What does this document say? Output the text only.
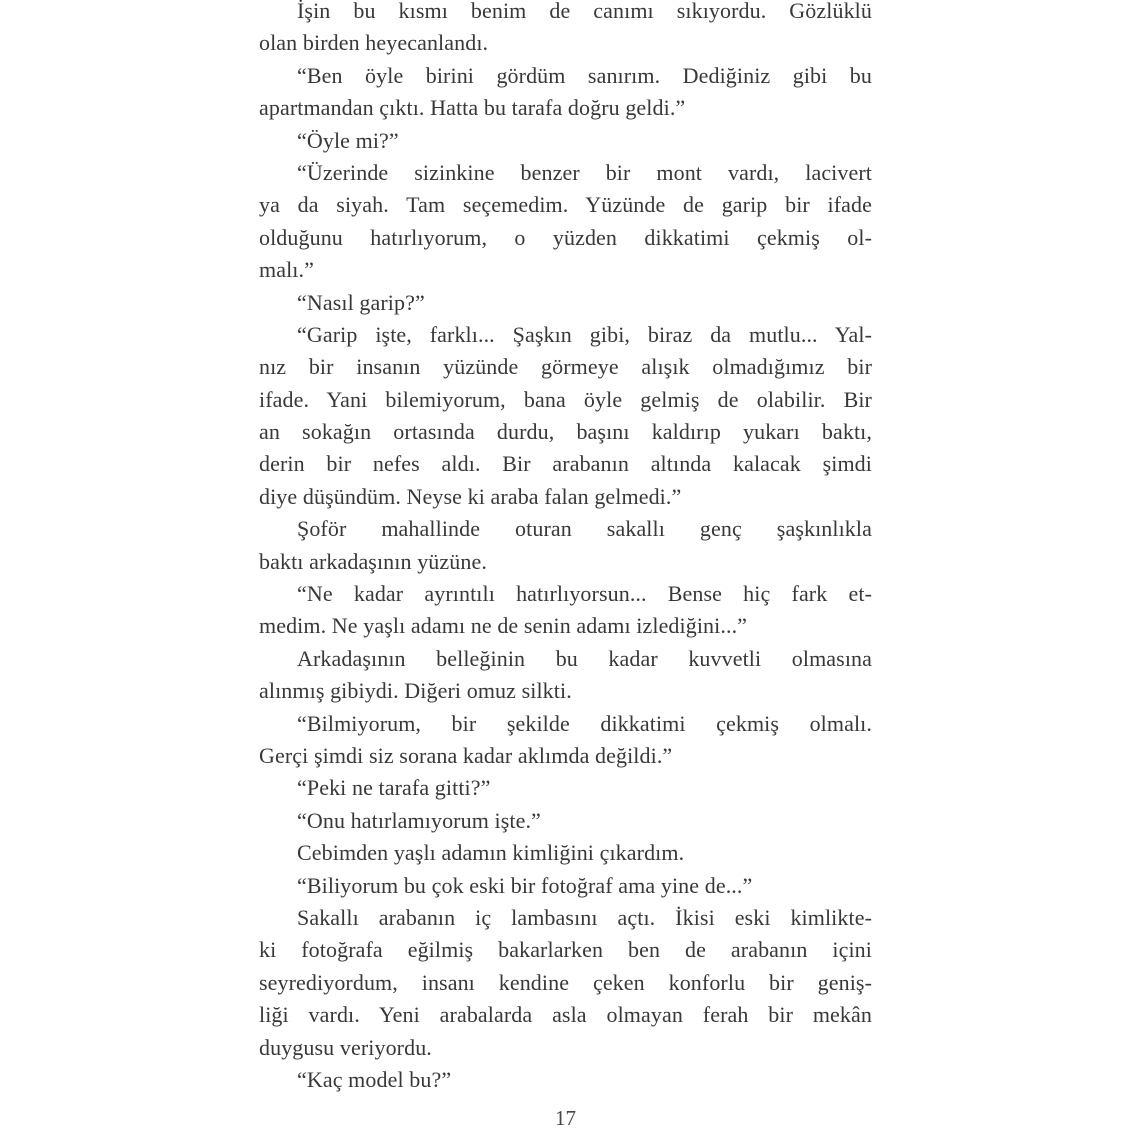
İşin bu kısmı benim de canımı sıkıyordu. Gözlüklü
olan birden heyecanlandı.
“Ben öyle birini gördüm sanırım. Dediğiniz gibi bu
apartmandan çıktı. Hatta bu tarafa doğru geldi.”
“Öyle mi?”
“Üzerinde sizinkine benzer bir mont vardı, lacivert
ya da siyah. Tam seçemedim. Yüzünde de garip bir ifade
olduğunu hatırlıyorum, o yüzden dikkatimi çekmiş ol-
malı.”
“Nasıl garip?”
“Garip işte, farklı... Şaşkın gibi, biraz da mutlu... Yal-
nız bir insanın yüzünde görmeye alışık olmadığımız bir
ifade. Yani bilemiyorum, bana öyle gelmiş de olabilir. Bir
an sokağın ortasında durdu, başını kaldırıp yukarı baktı,
derin bir nefes aldı. Bir arabanın altında kalacak şimdi
diye düşündüm. Neyse ki araba falan gelmedi.”
Şoför mahallinde oturan sakallı genç şaşkınlıkla
baktı arkadaşının yüzüne.
“Ne kadar ayrıntılı hatırlıyorsun... Bense hiç fark et-
medim. Ne yaşlı adamı ne de senin adamı izlediğini...”
Arkadaşının belleğinin bu kadar kuvvetli olmasına
alınmış gibiydi. Diğeri omuz silkti.
“Bilmiyorum, bir şekilde dikkatimi çekmiş olmalı.
Gerçi şimdi siz sorana kadar aklımda değildi.”
“Peki ne tarafa gitti?”
“Onu hatırlamıyorum işte.”
Cebimden yaşlı adamın kimliğini çıkardım.
“Biliyorum bu çok eski bir fotoğraf ama yine de...”
Sakallı arabanın iç lambasını açtı. İkisi eski kimlikte-
ki fotoğrafa eğilmiş bakarlarken ben de arabanın içini
seyrediyordum, insanı kendine çeken konforlu bir geniş-
liği vardı. Yeni arabalarda asla olmayan ferah bir mekân
duygusu veriyordu.
“Kaç model bu?”
17
